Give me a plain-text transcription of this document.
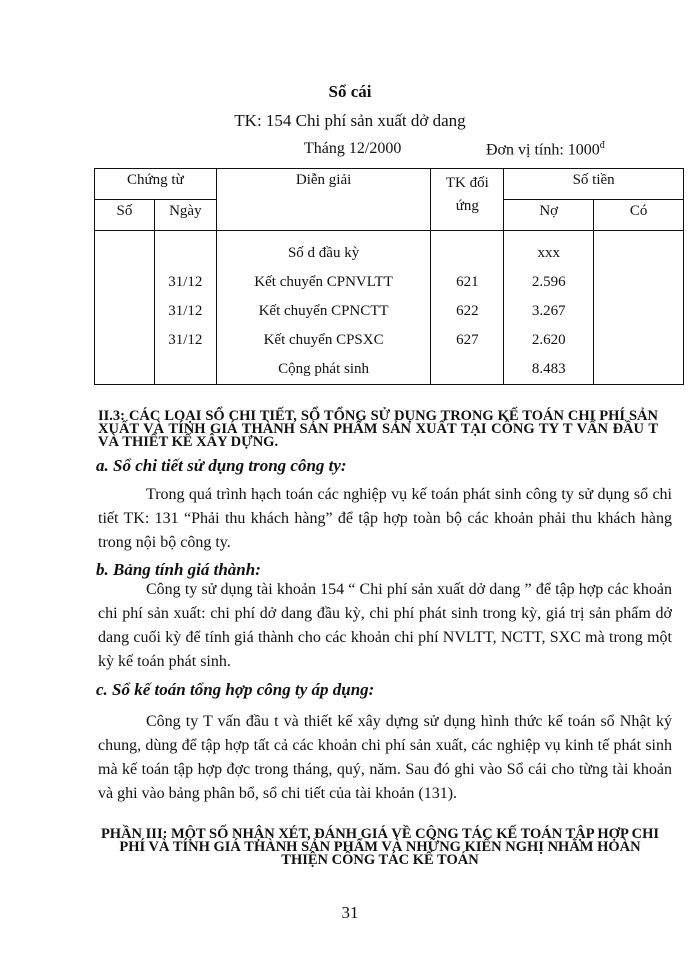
Sổ cái
TK: 154 Chi phí sản xuất dở dang
Tháng 12/2000	Đơn vị tính: $1000^đ$
Chứng từ		Diễn giải	TK đối ứng	Số tiền	
Số	Ngày			Nợ	Có
		Số d đầu kỳ		xxx	
	31/12	Kết chuyển CPNVLTT	621	2.596	
	31/12	Kết chuyển CPNCTT	622	3.267	
	31/12	Kết chuyển CPSXC	627	2.620	
		Cộng phát sinh		8.483	
II.3: CÁC LOẠI SỔ CHI TIẾT, SỔ TỔNG SỬ DỤNG TRONG KẾ TOÁN CHI PHÍ SẢN XUẤT VÀ TÍNH GIÁ THÀNH SẢN PHẨM SẢN XUẤT TẠI CÔNG TY T VẤN ĐẦU T VÀ THIẾT KẾ XÂY DỰNG.
a. Sổ chi tiết sử dụng trong công ty:
Trong quá trình hạch toán các nghiệp vụ kế toán phát sinh công ty sử dụng sổ chi tiết TK: 131 “Phải thu khách hàng” để tập hợp toàn bộ các khoản phải thu khách hàng trong nội bộ công ty.
b. Bảng tính giá thành:
Công ty sử dụng tài khoản 154 “ Chi phí sản xuất dở dang ” để tập hợp các khoản chi phí sản xuất: chi phí dở dang đầu kỳ, chi phí phát sinh trong kỳ, giá trị sản phẩm dở dang cuối kỳ để tính giá thành cho các khoản chi phí NVLTT, NCTT, SXC mà trong một kỳ kế toán phát sinh.
c. Sổ kế toán tổng hợp công ty áp dụng:
Công ty T vấn đầu t và thiết kế xây dựng sử dụng hình thức kế toán sổ Nhật ký chung, dùng để tập hợp tất cả các khoản chi phí sản xuất, các nghiệp vụ kinh tế phát sinh mà kế toán tập hợp đợc trong tháng, quý, năm. Sau đó ghi vào Sổ cái cho từng tài khoản và ghi vào bảng phân bổ, sổ chi tiết của tài khoản (131).
PHẦN III: MỘT SỐ NHẬN XÉT, ĐÁNH GIÁ VỀ CÔNG TÁC KẾ TOÁN TẬP HỢP CHI PHÍ VÀ TÍNH GIÁ THÀNH SẢN PHẨM VÀ NHỮNG KIẾN NGHỊ NHẰM HOÀN THIỆN CÔNG TÁC KẾ TOÁN
31
